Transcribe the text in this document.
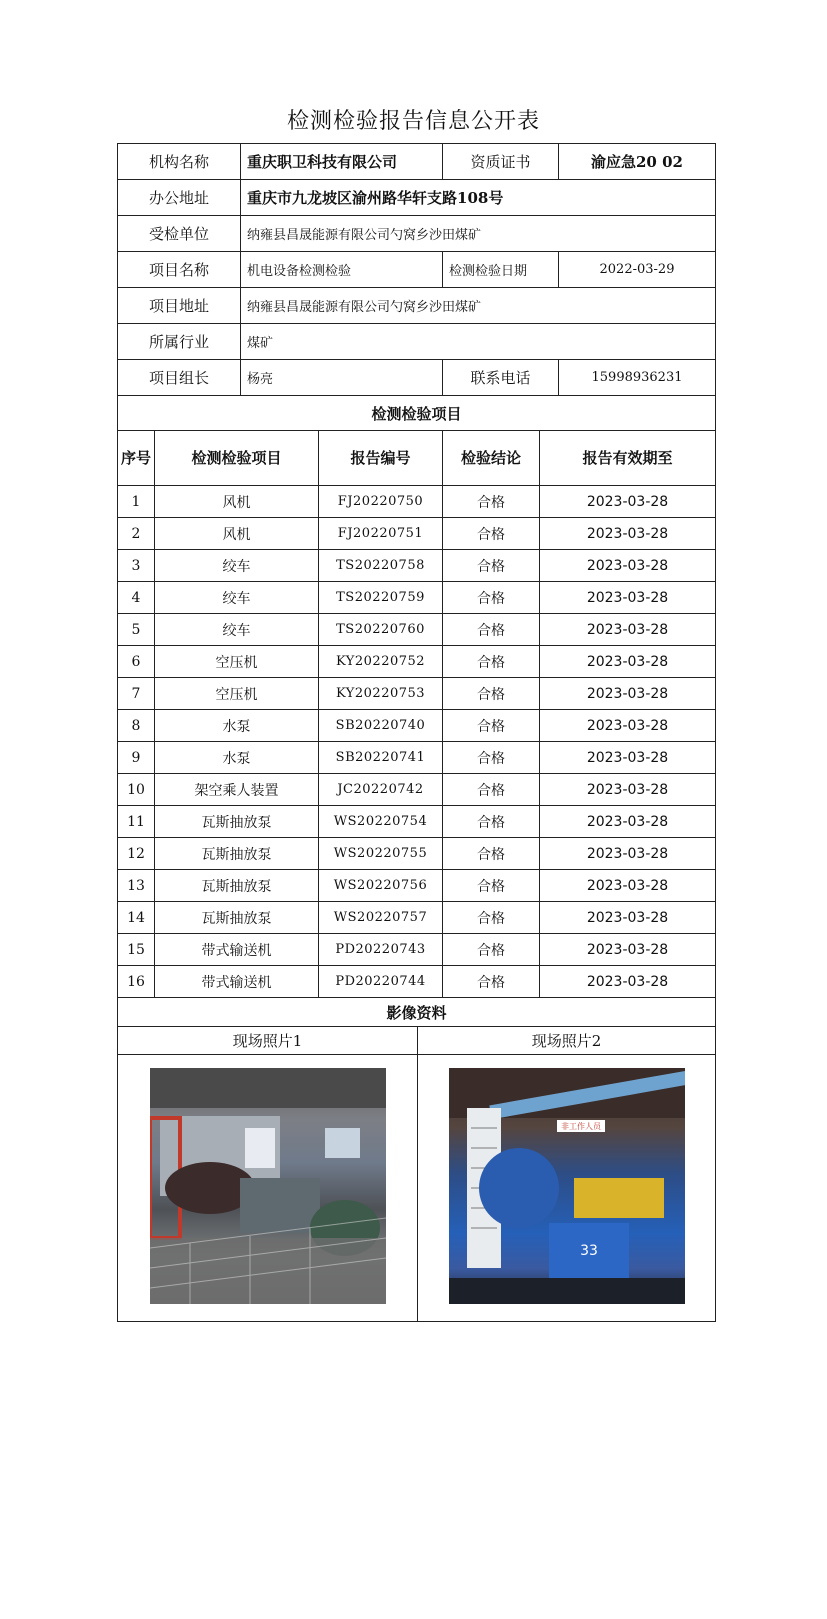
检测检验报告信息公开表
机构名称	重庆职卫科技有限公司	资质证书	渝应急20 02
办公地址	重庆市九龙坡区渝州路华轩支路108号		
受检单位	纳雍县昌晟能源有限公司勺窝乡沙田煤矿		
项目名称	机电设备检测检验	检测检验日期	2022-03-29
项目地址	纳雍县昌晟能源有限公司勺窝乡沙田煤矿		
所属行业	煤矿		
项目组长	杨亮	联系电话	15998936231
检测检验项目				
序号	检测检验项目	报告编号	检验结论	报告有效期至
1	风机	FJ20220750	合格	2023-03-28
2	风机	FJ20220751	合格	2023-03-28
3	绞车	TS20220758	合格	2023-03-28
4	绞车	TS20220759	合格	2023-03-28
5	绞车	TS20220760	合格	2023-03-28
6	空压机	KY20220752	合格	2023-03-28
7	空压机	KY20220753	合格	2023-03-28
8	水泵	SB20220740	合格	2023-03-28
9	水泵	SB20220741	合格	2023-03-28
10	架空乘人装置	JC20220742	合格	2023-03-28
11	瓦斯抽放泵	WS20220754	合格	2023-03-28
12	瓦斯抽放泵	WS20220755	合格	2023-03-28
13	瓦斯抽放泵	WS20220756	合格	2023-03-28
14	瓦斯抽放泵	WS20220757	合格	2023-03-28
15	带式输送机	PD20220743	合格	2023-03-28
16	带式输送机	PD20220744	合格	2023-03-28
影像资料	
现场照片1	现场照片2

非工作人员
33
